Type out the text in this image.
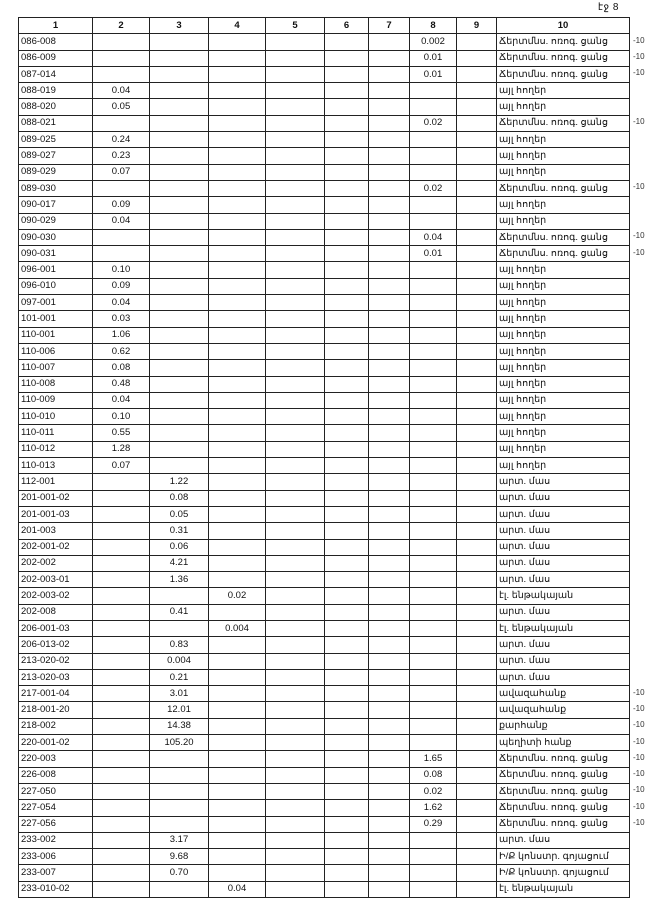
էջ 8
1	2	3	4	5	6	7	8	9	10
086-008							0.002		Ճերտմնս. ոռոգ. ցանց
086-009							0.01		Ճերտմնս. ոռոգ. ցանց
087-014							0.01		Ճերտմնս. ոռոգ. ցանց
088-019	0.04								այլ հողեր
088-020	0.05								այլ հողեր
088-021							0.02		Ճերտմնս. ոռոգ. ցանց
089-025	0.24								այլ հողեր
089-027	0.23								այլ հողեր
089-029	0.07								այլ հողեր
089-030							0.02		Ճերտմնս. ոռոգ. ցանց
090-017	0.09								այլ հողեր
090-029	0.04								այլ հողեր
090-030							0.04		Ճերտմնս. ոռոգ. ցանց
090-031							0.01		Ճերտմնս. ոռոգ. ցանց
096-001	0.10								այլ հողեր
096-010	0.09								այլ հողեր
097-001	0.04								այլ հողեր
101-001	0.03								այլ հողեր
110-001	1.06								այլ հողեր
110-006	0.62								այլ հողեր
110-007	0.08								այլ հողեր
110-008	0.48								այլ հողեր
110-009	0.04								այլ հողեր
110-010	0.10								այլ հողեր
110-011	0.55								այլ հողեր
110-012	1.28								այլ հողեր
110-013	0.07								այլ հողեր
112-001		1.22							արտ. մաս
201-001-02		0.08							արտ. մաս
201-001-03		0.05							արտ. մաս
201-003		0.31							արտ. մաս
202-001-02		0.06							արտ. մաս
202-002		4.21							արտ. մաս
202-003-01		1.36							արտ. մաս
202-003-02			0.02						էլ. ենթակայան
202-008		0.41							արտ. մաս
206-001-03			0.004						էլ. ենթակայան
206-013-02		0.83							արտ. մաս
213-020-02		0.004							արտ. մաս
213-020-03		0.21							արտ. մաս
217-001-04		3.01							ավազահանք
218-001-20		12.01							ավազահանք
218-002		14.38							քարհանք
220-001-02		105.20							պեղիտի հանք
220-003							1.65		Ճերտմնս. ոռոգ. ցանց
226-008							0.08		Ճերտմնս. ոռոգ. ցանց
227-050							0.02		Ճերտմնս. ոռոգ. ցանց
227-054							1.62		Ճերտմնս. ոռոգ. ցանց
227-056							0.29		Ճերտմնս. ոռոգ. ցանց
233-002		3.17							արտ. մաս
233-006		9.68							Ի/Ք կոնստր. գոյացում
233-007		0.70							Ի/Ք կոնստր. գոյացում
233-010-02			0.04						էլ. ենթակայան
-10
-10
-10
-10
-10
-10
-10
-10
-10
-10
-10
-10
-10
-10
-10
-10
